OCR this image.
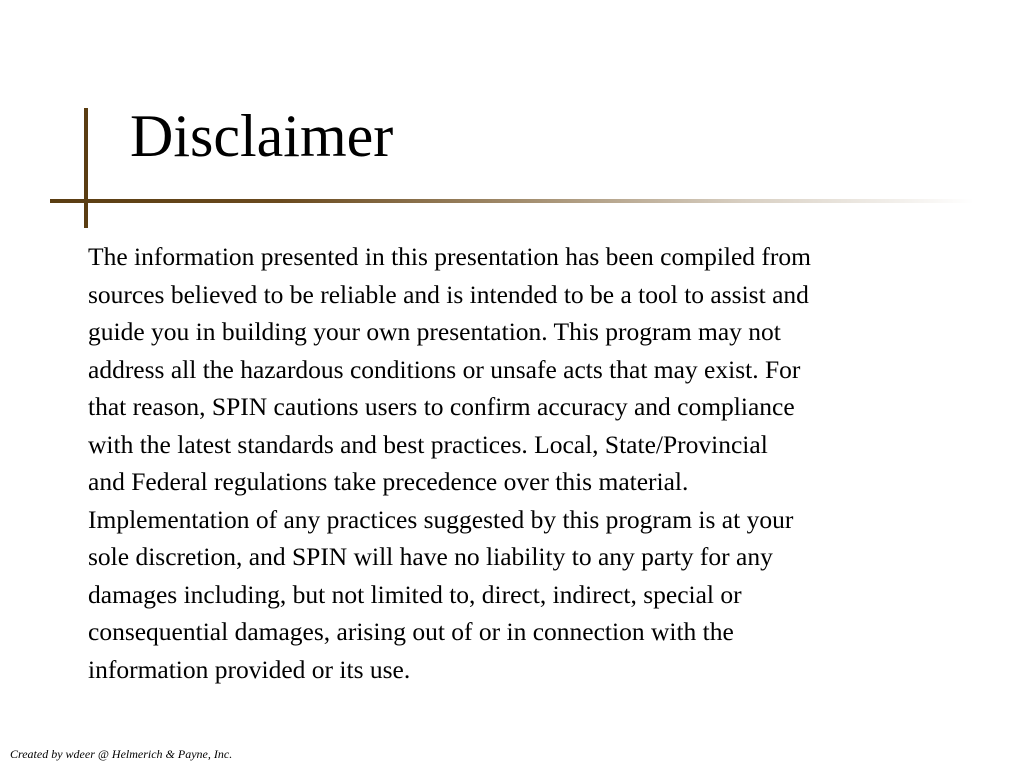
Disclaimer

The information presented in this presentation has been compiled from
sources believed to be reliable and is intended to be a tool to assist and
guide you in building your own presentation. This program may not
address all the hazardous conditions or unsafe acts that may exist. For
that reason, SPIN cautions users to confirm accuracy and compliance
with the latest standards and best practices. Local, State/Provincial
and Federal regulations take precedence over this material.
Implementation of any practices suggested by this program is at your
sole discretion, and SPIN will have no liability to any party for any
damages including, but not limited to, direct, indirect, special or
consequential damages, arising out of or in connection with the
information provided or its use.

Created by wdeer @ Helmerich & Payne, Inc.
